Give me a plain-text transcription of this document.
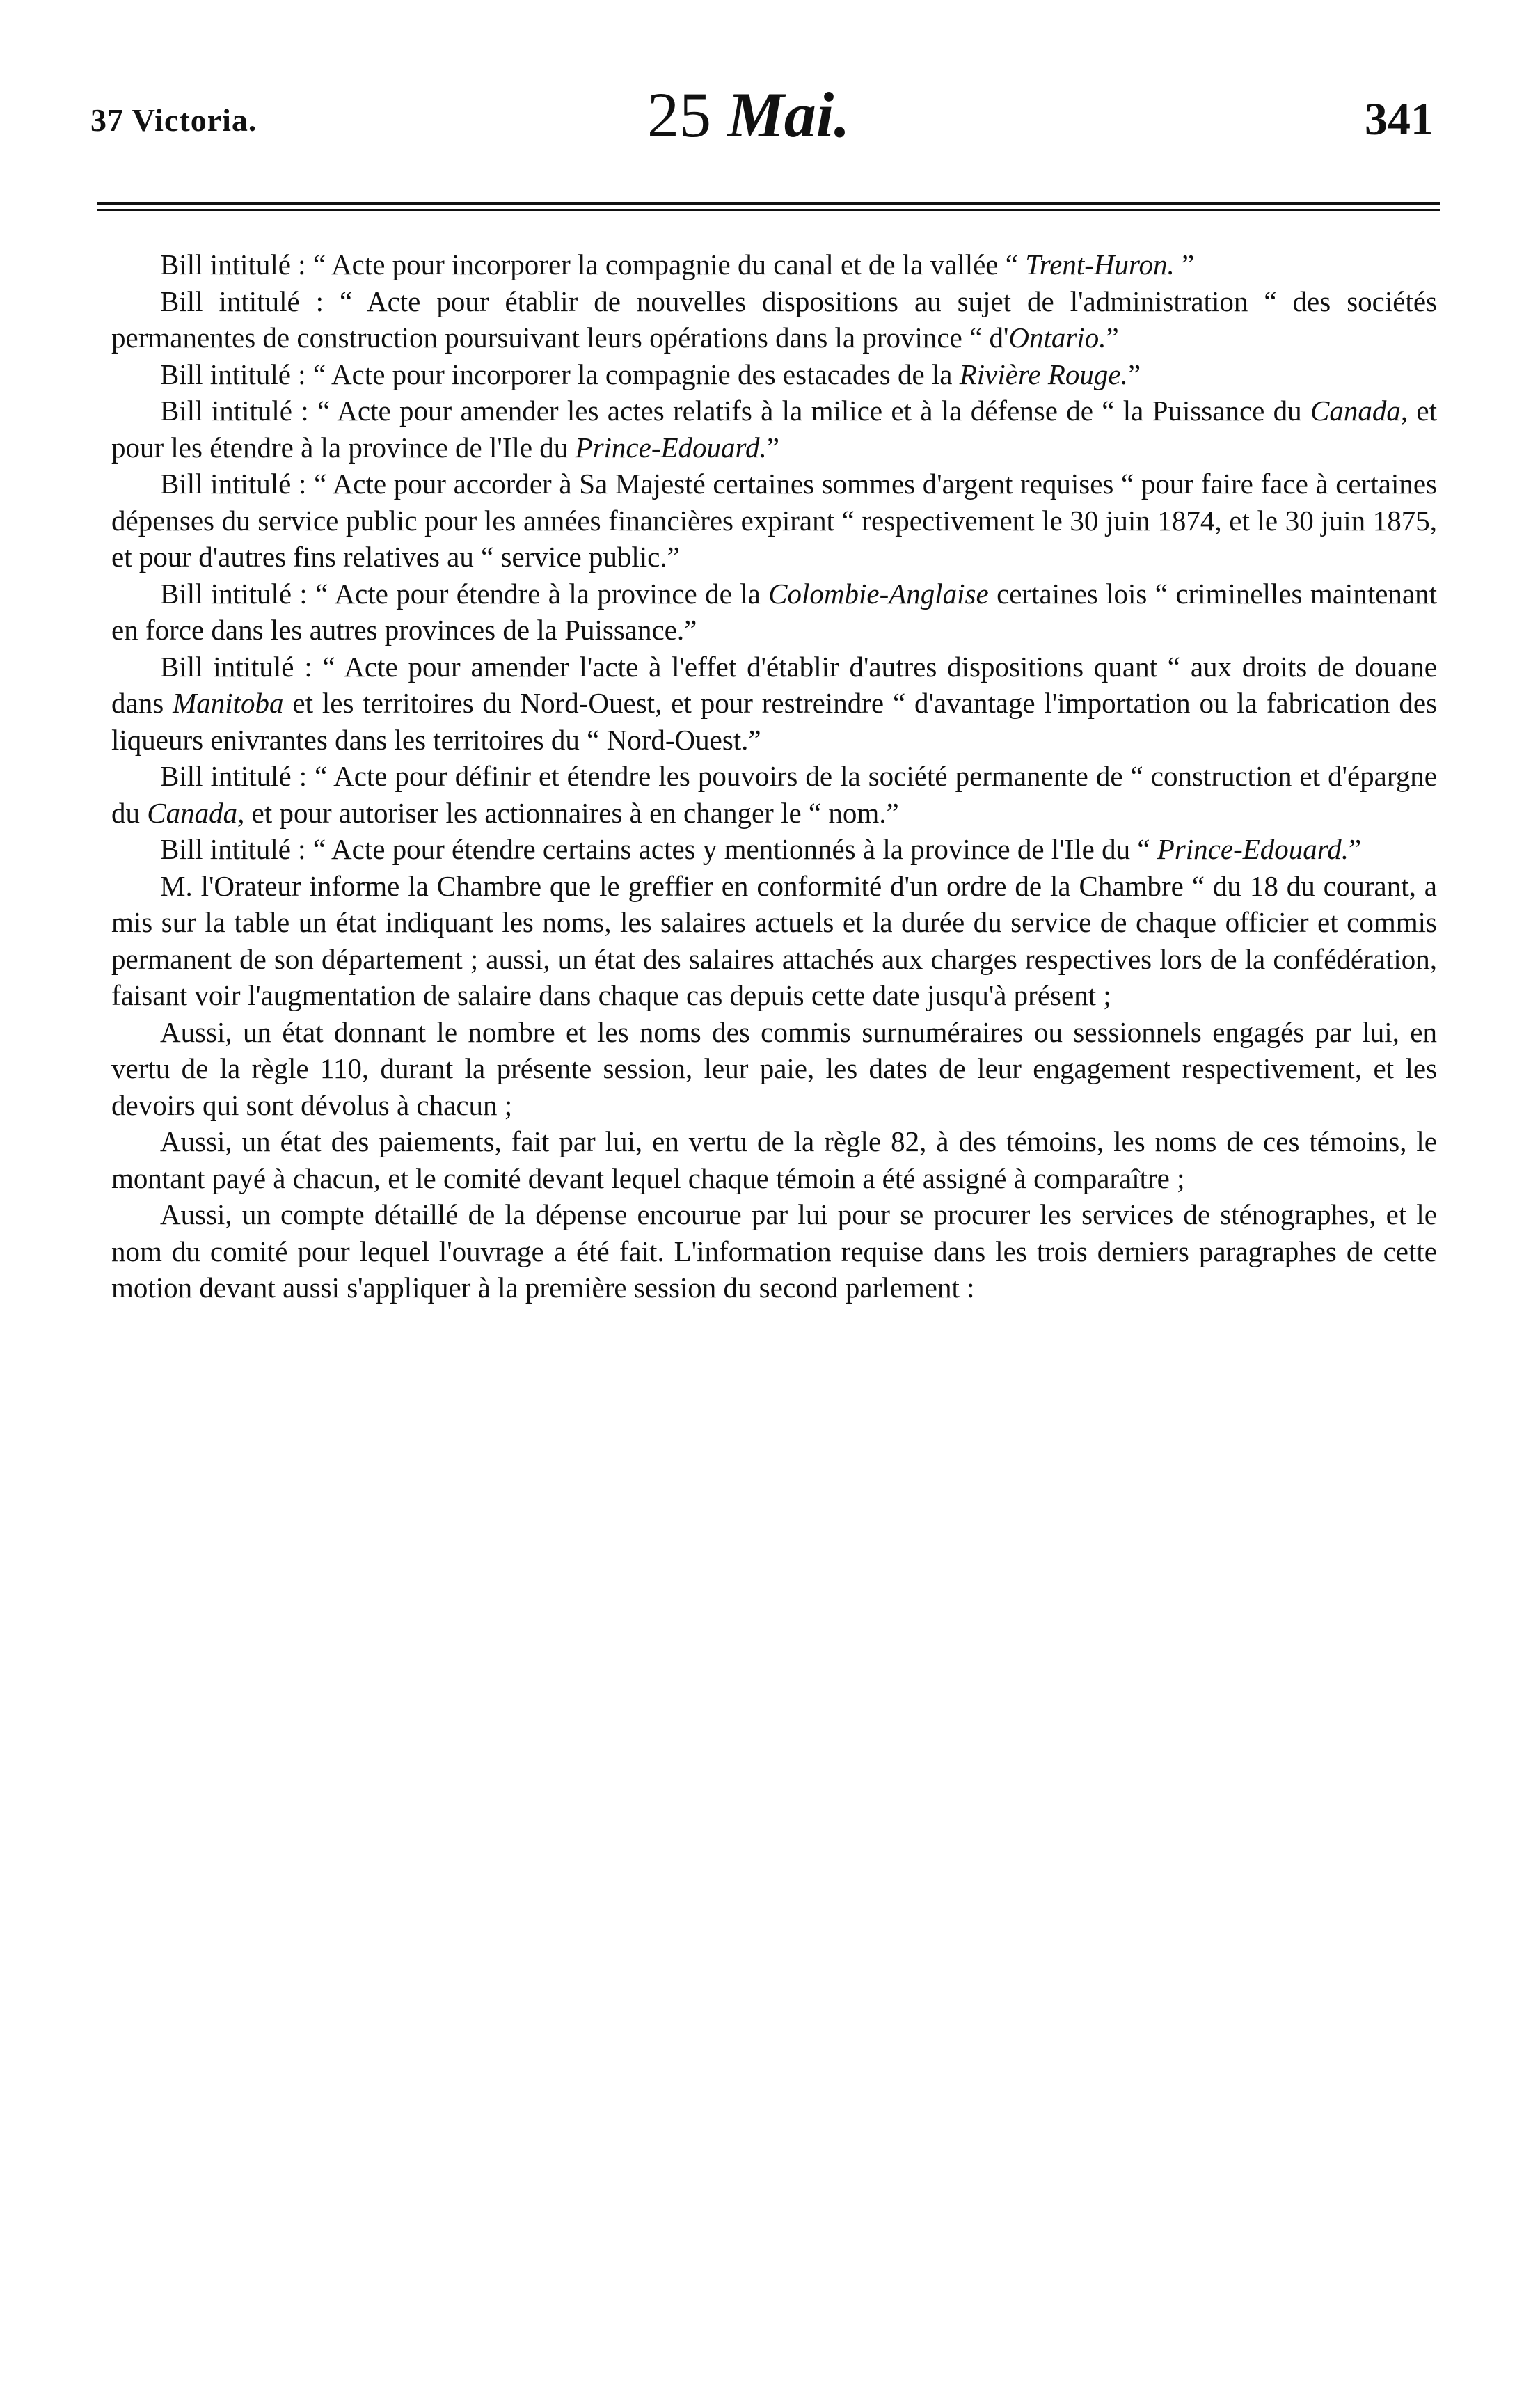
37 Victoria.	25 Mai.	341

Bill intitulé : “ Acte pour incorporer la compagnie du canal et de la vallée “ Trent-Huron. ”

Bill intitulé : “ Acte pour établir de nouvelles dispositions au sujet de l'administration “ des sociétés permanentes de construction poursuivant leurs opérations dans la province “ d'Ontario.”

Bill intitulé : “ Acte pour incorporer la compagnie des estacades de la Rivière Rouge.”

Bill intitulé : “ Acte pour amender les actes relatifs à la milice et à la défense de “ la Puissance du Canada, et pour les étendre à la province de l'Ile du Prince-Edouard.”

Bill intitulé : “ Acte pour accorder à Sa Majesté certaines sommes d'argent requises “ pour faire face à certaines dépenses du service public pour les années financières expirant “ respectivement le 30 juin 1874, et le 30 juin 1875, et pour d'autres fins relatives au “ service public.”

Bill intitulé : “ Acte pour étendre à la province de la Colombie-Anglaise certaines lois “ criminelles maintenant en force dans les autres provinces de la Puissance.”

Bill intitulé : “ Acte pour amender l'acte à l'effet d'établir d'autres dispositions quant “ aux droits de douane dans Manitoba et les territoires du Nord-Ouest, et pour restreindre “ d'avantage l'importation ou la fabrication des liqueurs enivrantes dans les territoires du “ Nord-Ouest.”

Bill intitulé : “ Acte pour définir et étendre les pouvoirs de la société permanente de “ construction et d'épargne du Canada, et pour autoriser les actionnaires à en changer le “ nom.”

Bill intitulé : “ Acte pour étendre certains actes y mentionnés à la province de l'Ile du “ Prince-Edouard.”

M. l'Orateur informe la Chambre que le greffier en conformité d'un ordre de la Chambre “ du 18 du courant, a mis sur la table un état indiquant les noms, les salaires actuels et la durée du service de chaque officier et commis permanent de son département ; aussi, un état des salaires attachés aux charges respectives lors de la confédération, faisant voir l'augmentation de salaire dans chaque cas depuis cette date jusqu'à présent ;

Aussi, un état donnant le nombre et les noms des commis surnuméraires ou sessionnels engagés par lui, en vertu de la règle 110, durant la présente session, leur paie, les dates de leur engagement respectivement, et les devoirs qui sont dévolus à chacun ;

Aussi, un état des paiements, fait par lui, en vertu de la règle 82, à des témoins, les noms de ces témoins, le montant payé à chacun, et le comité devant lequel chaque témoin a été assigné à comparaître ;

Aussi, un compte détaillé de la dépense encourue par lui pour se procurer les services de sténographes, et le nom du comité pour lequel l'ouvrage a été fait. L'information requise dans les trois derniers paragraphes de cette motion devant aussi s'appliquer à la première session du second parlement :
